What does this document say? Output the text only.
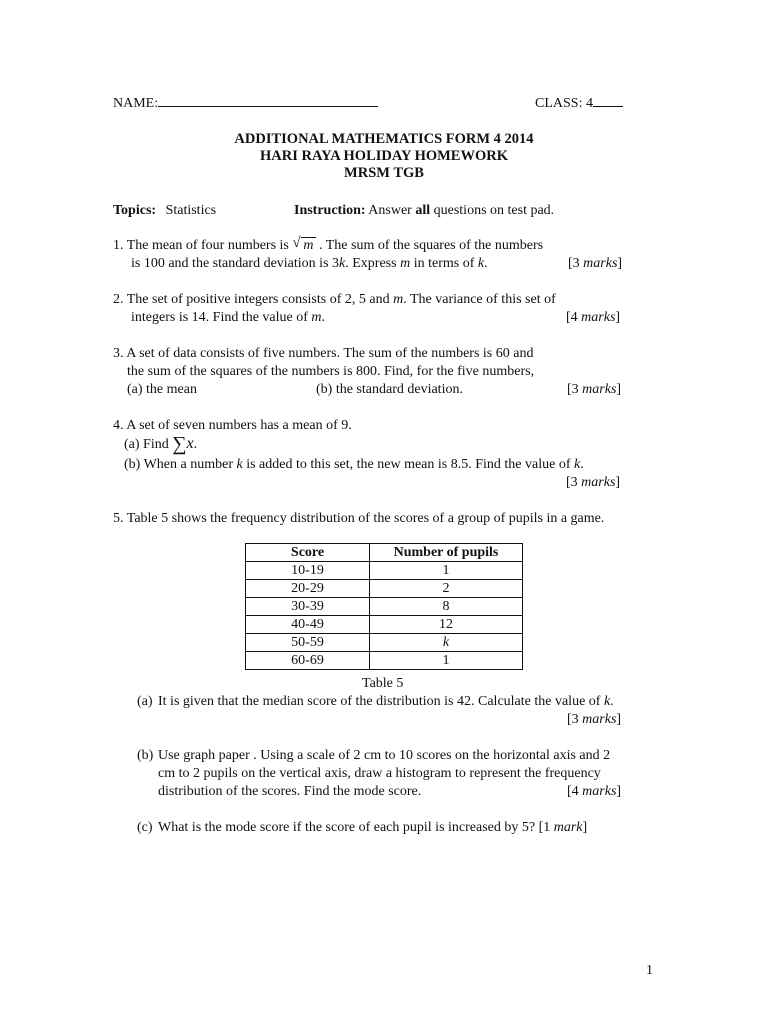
NAME:	CLASS: 4
ADDITIONAL MATHEMATICS FORM 4 2014
HARI RAYA HOLIDAY HOMEWORK
MRSM TGB
Topics: Statistics	Instruction: Answer all questions on test pad.
1. The mean of four numbers is √ m . The sum of the squares of the numbers
is 100 and the standard deviation is 3k. Express m in terms of k.	[3 marks]
2. The set of positive integers consists of 2, 5 and m. The variance of this set of
integers is 14. Find the value of m.	[4 marks]
3. A set of data consists of five numbers. The sum of the numbers is 60 and
the sum of the squares of the numbers is 800. Find, for the five numbers,
(a) the mean	(b) the standard deviation.	[3 marks]
4. A set of seven numbers has a mean of 9.
(a) Find ∑x.
(b) When a number k is added to this set, the new mean is 8.5. Find the value of k.
[3 marks]
5. Table 5 shows the frequency distribution of the scores of a group of pupils in a game.
Score	Number of pupils
10-19	1
20-29	2
30-39	8
40-49	12
50-59	k
60-69	1
Table 5
(a) It is given that the median score of the distribution is 42. Calculate the value of k.
[3 marks]
(b) Use graph paper . Using a scale of 2 cm to 10 scores on the horizontal axis and 2
cm to 2 pupils on the vertical axis, draw a histogram to represent the frequency
distribution of the scores. Find the mode score.	[4 marks]
(c) What is the mode score if the score of each pupil is increased by 5? [1 mark]
1
